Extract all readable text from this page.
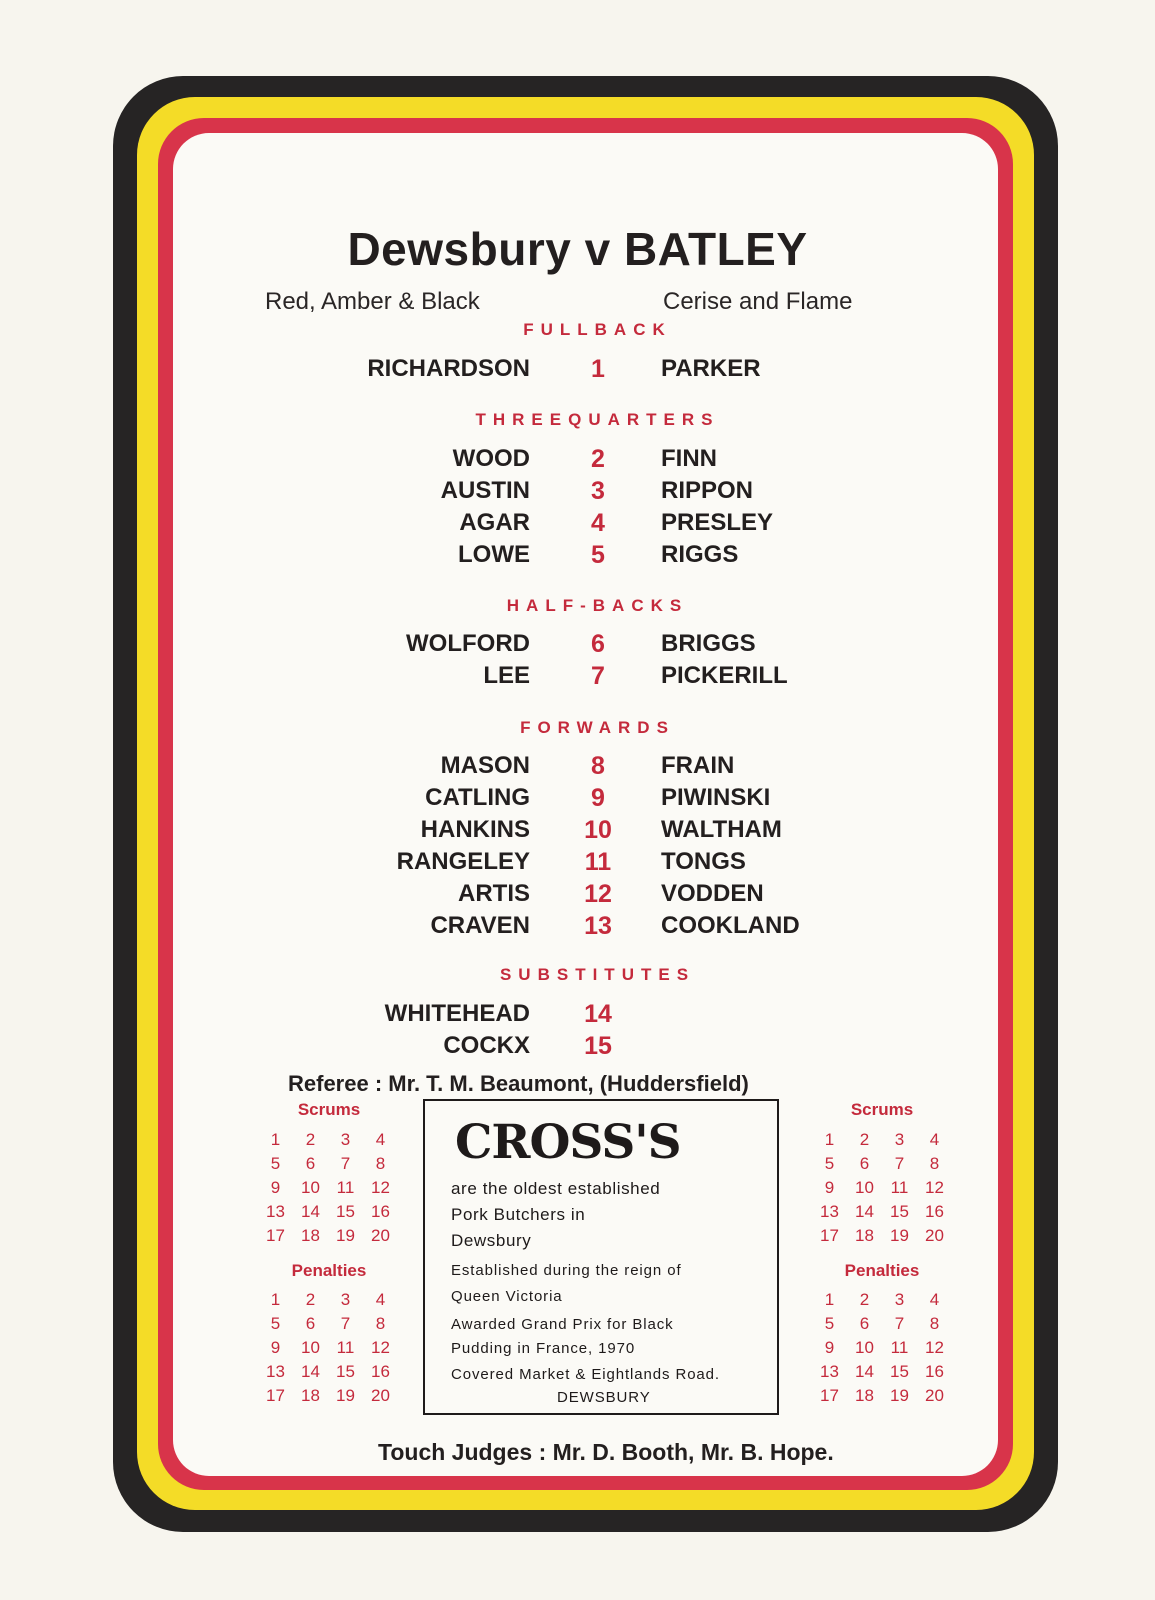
Dewsbury v BATLEY
Red, Amber & Black	Cerise and Flame
FULLBACK
RICHARDSON	1	PARKER
THREEQUARTERS
WOOD	2	FINN
AUSTIN	3	RIPPON
AGAR	4	PRESLEY
LOWE	5	RIGGS
HALF-BACKS
WOLFORD	6	BRIGGS
LEE	7	PICKERILL
FORWARDS
MASON	8	FRAIN
CATLING	9	PIWINSKI
HANKINS 10 WALTHAM
RANGELEY 11 TONGS
ARTIS 12 VODDEN
CRAVEN 13 COOKLAND
SUBSTITUTES
WHITEHEAD 14
COCKX 15
Referee : Mr. T. M. Beaumont, (Huddersfield)
Scrums
1	2	3	4
5	6	7	8
9	10 11 12
13 14 15 16
17 18 19 20
Penalties
1	2	3	4
5	6	7	8
9	10 11 12
13 14 15 16
17 18 19 20
Scrums
1	2	3	4
5	6	7	8
9	10 11 12
13 14 15 16
17 18 19 20
Penalties
1	2	3	4
5	6	7	8
9	10 11 12
13 14 15 16
17 18 19 20
CROSS'S
are the oldest established
Pork Butchers in
Dewsbury
Established during the reign of
Queen Victoria
Awarded Grand Prix for Black
Pudding in France, 1970
Covered Market & Eightlands Road.
DEWSBURY
Touch Judges : Mr. D. Booth, Mr. B. Hope.
